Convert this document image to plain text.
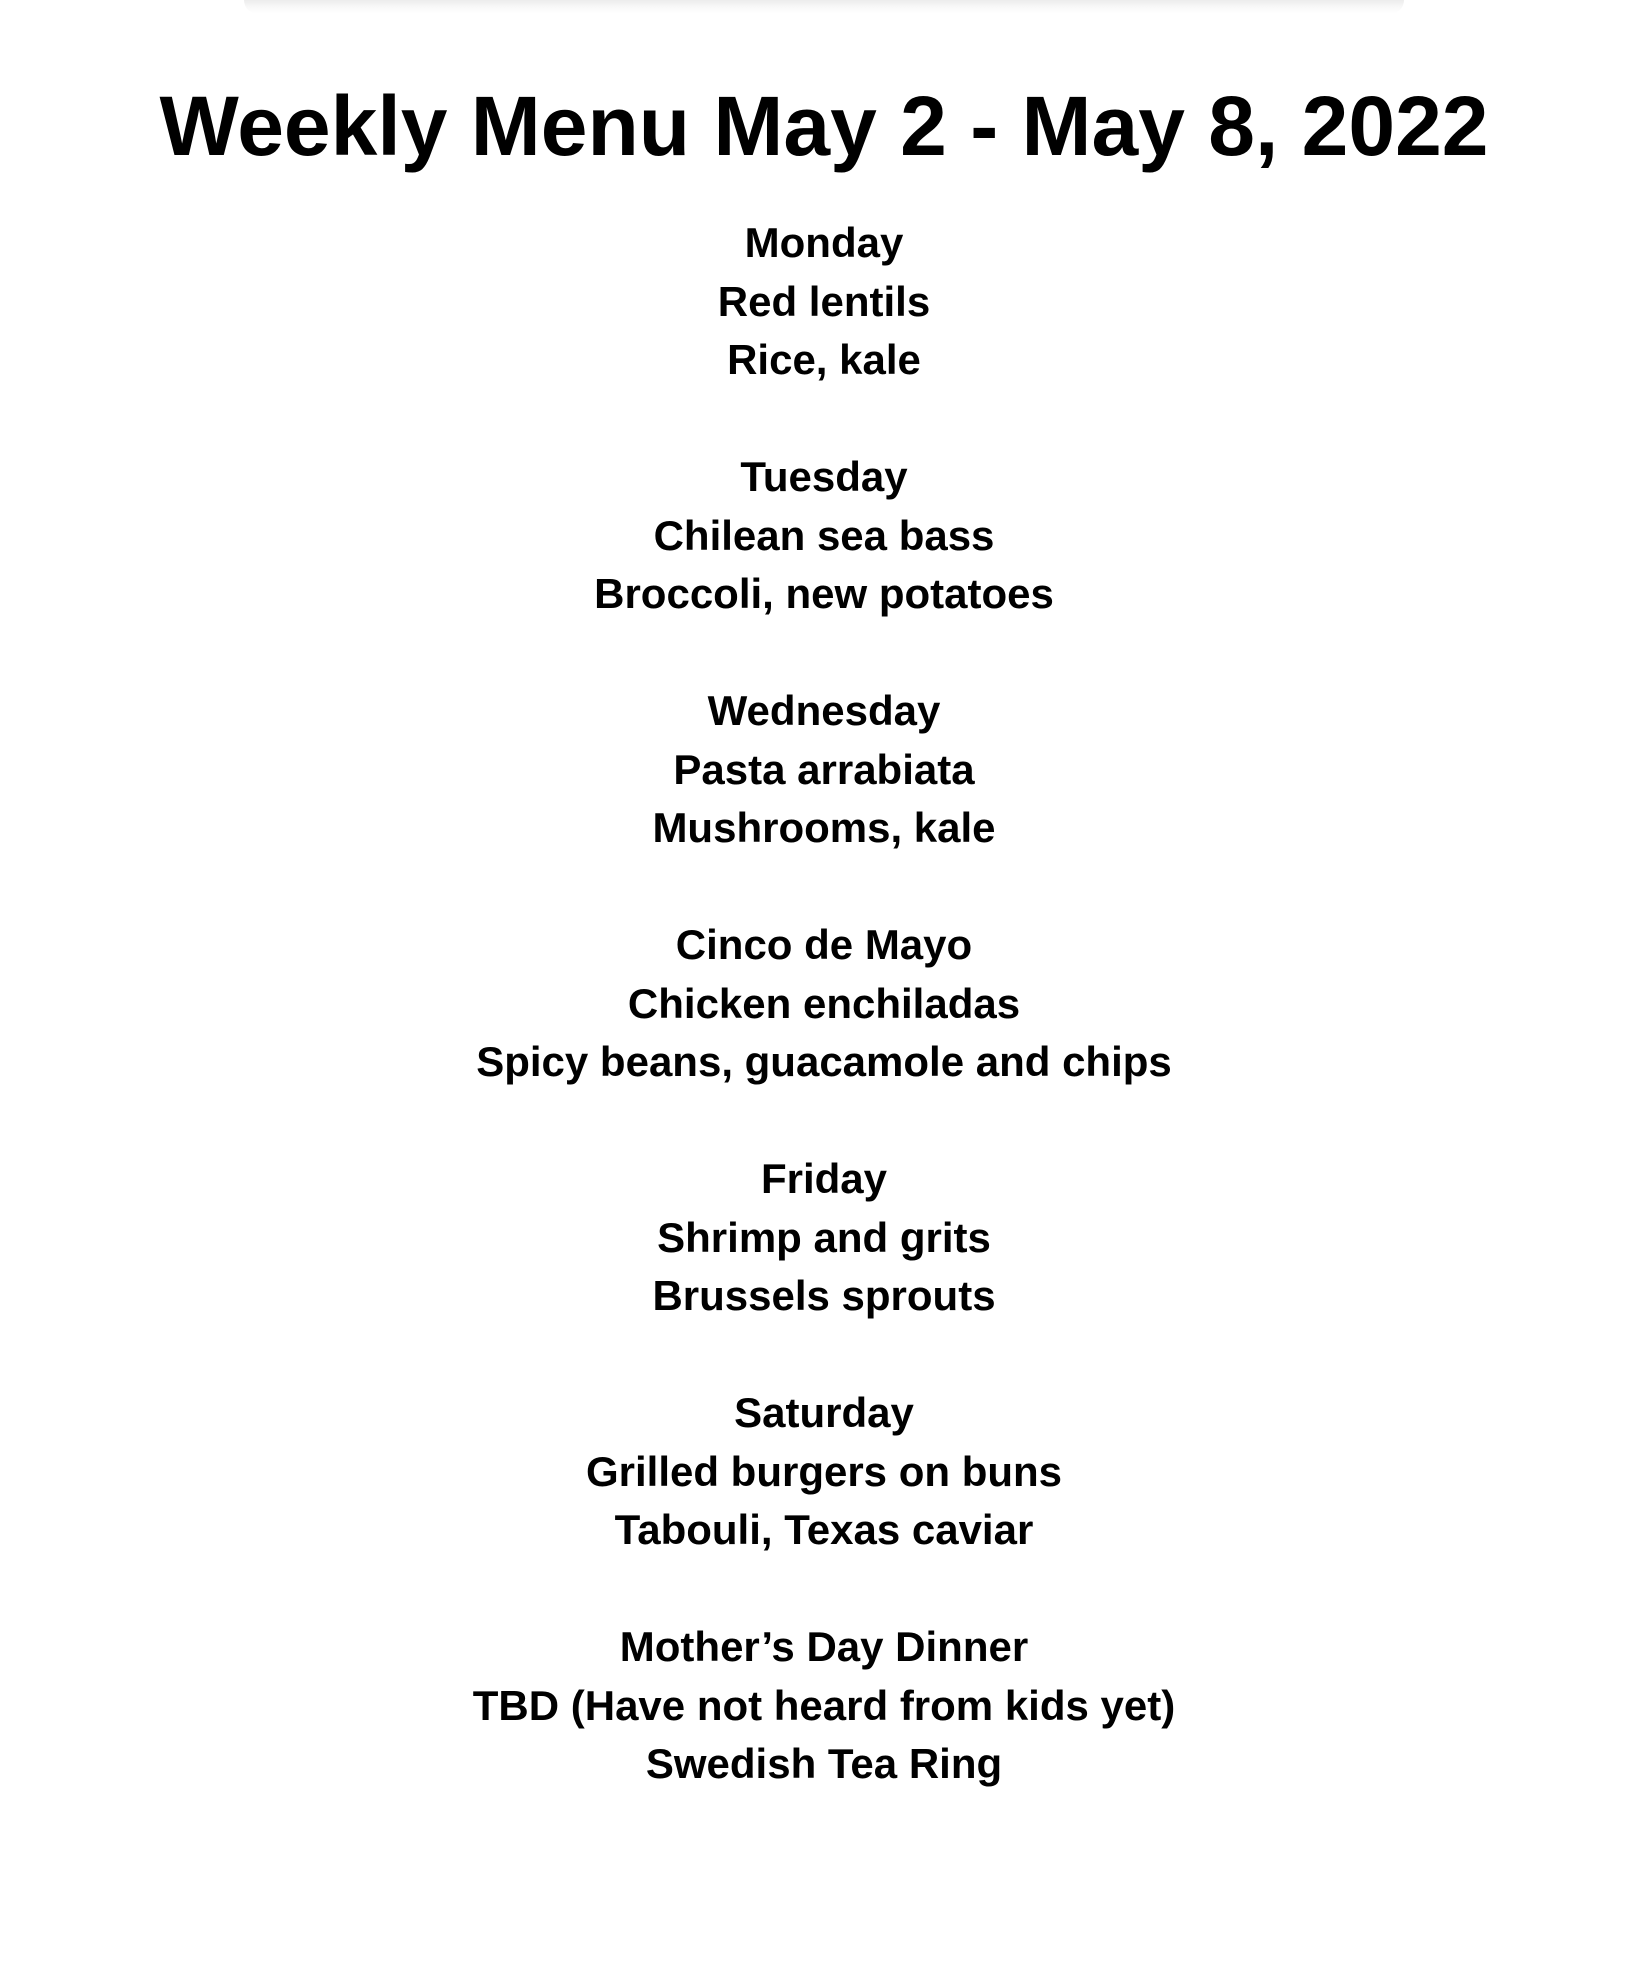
Weekly Menu May 2 - May 8, 2022
Monday
Red lentils
Rice, kale
Tuesday
Chilean sea bass
Broccoli, new potatoes
Wednesday
Pasta arrabiata
Mushrooms, kale
Cinco de Mayo
Chicken enchiladas
Spicy beans, guacamole and chips
Friday
Shrimp and grits
Brussels sprouts
Saturday
Grilled burgers on buns
Tabouli, Texas caviar
Mother’s Day Dinner
TBD (Have not heard from kids yet)
Swedish Tea Ring
